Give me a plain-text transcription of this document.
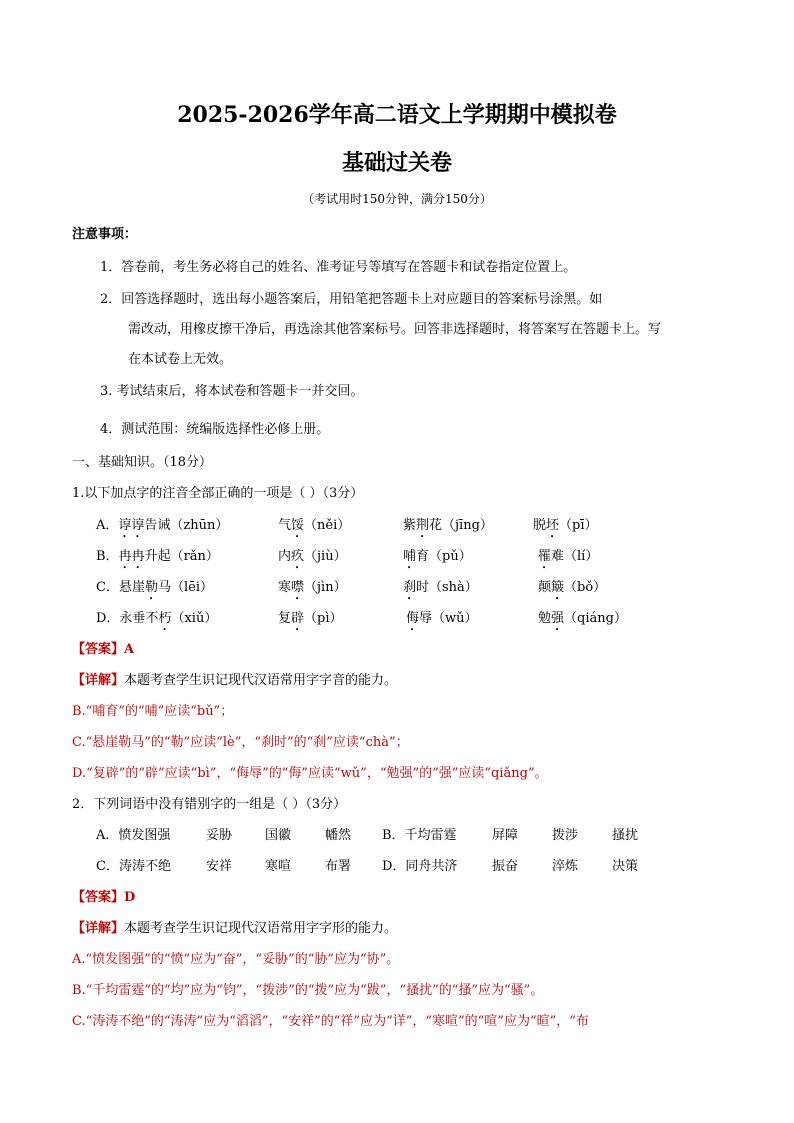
2025-2026学年高二语文上学期期中模拟卷
基础过关卷
（考试用时150分钟，满分150分）
注意事项：
1．答卷前，考生务必将自己的姓名、准考证号等填写在答题卡和试卷指定位置上。
2．回答选择题时，选出每小题答案后，用铅笔把答题卡上对应题目的答案标号涂黑。如
需改动，用橡皮擦干净后，再选涂其他答案标号。回答非选择题时，将答案写在答题卡上。写
在本试卷上无效。
3. 考试结束后，将本试卷和答题卡一并交回。
4．测试范围：统编版选择性必修上册。
一、基础知识。（18分）
1.以下加点字的注音全部正确的一项是（ ）（3分）
A．谆谆告诫（zhūn）	气馁（něi）	紫荆花（jīng）	脱坯（pī）
B．冉冉升起（rǎn）	内疚（jiù）	哺育（pǔ）	罹难（lí）
C．悬崖勒马（lēi）	寒噤（jìn）	刹时（shà）	颠簸（bǒ）
D．永垂不朽（xiǔ）	复辟（pì）	侮辱（wǔ）	勉强（qiáng）
【答案】A
【详解】本题考查学生识记现代汉语常用字字音的能力。
B.“哺育”的“哺”应读“bǔ”；
C.“悬崖勒马”的“勒”应读“lè”，“刹时”的“刹”应读“chà”；
D.“复辟”的“辟”应读“bì”，“侮辱”的“侮”应读“wǔ”，“勉强”的“强”应读“qiǎng”。
2．下列词语中没有错别字的一组是（ ）（3分）
A．愤发图强	妥胁	国徽	幡然 B．千均雷霆	屏障	拨涉	搔扰
C．涛涛不绝	安祥	寒喧	布署 D．同舟共济	振奋	淬炼	决策
【答案】D
【详解】本题考查学生识记现代汉语常用字字形的能力。
A.“愤发图强”的“愤”应为“奋”，“妥胁”的“胁”应为“协”。
B.“千均雷霆”的“均”应为“钧”，“拨涉”的“拨”应为“跋”，“搔扰”的“搔”应为“骚”。
C.“涛涛不绝”的“涛涛”应为“滔滔”，“安祥”的“祥”应为“详”，“寒喧”的“喧”应为“暄”，“布
